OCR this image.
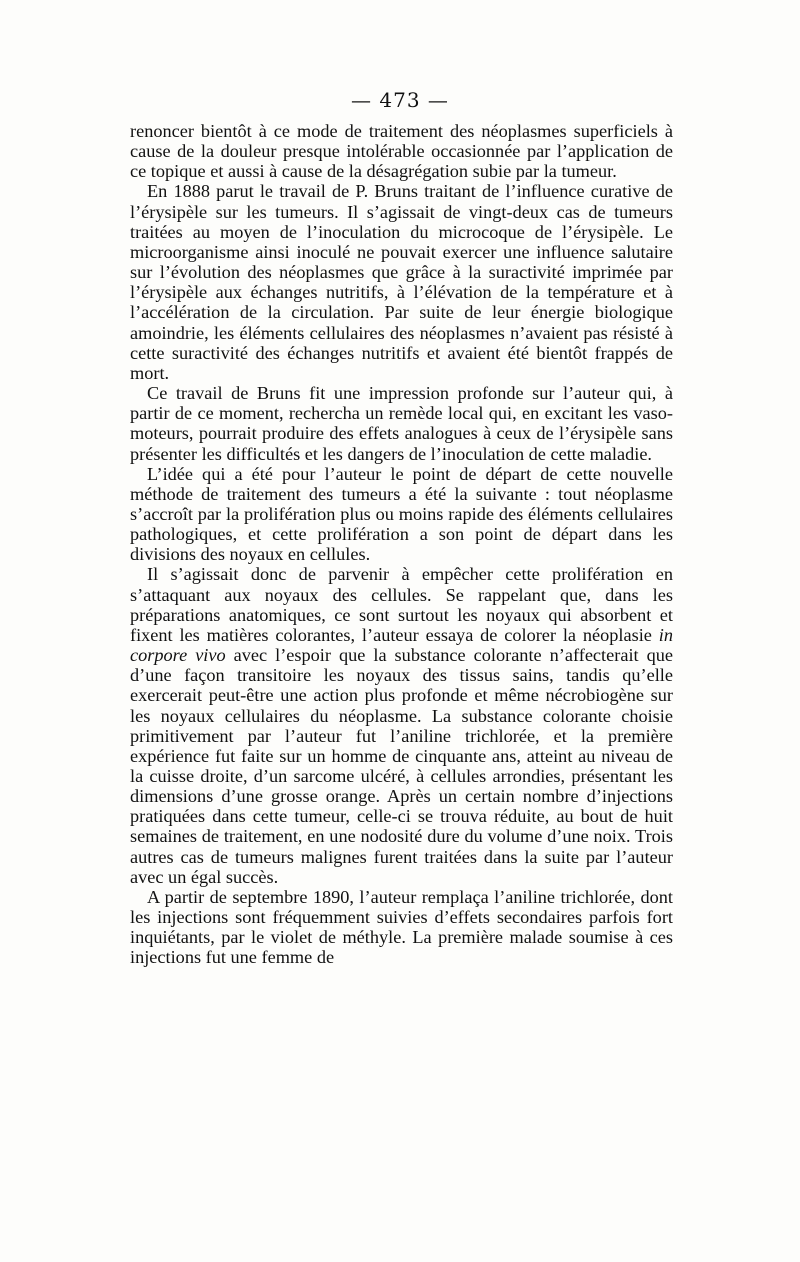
— 473 —

renoncer bientôt à ce mode de traitement des néoplasmes superficiels à cause de la douleur presque intolérable occasionnée par l’application de ce topique et aussi à cause de la désagrégation subie par la tumeur.

En 1888 parut le travail de P. Bruns traitant de l’influence curative de l’érysipèle sur les tumeurs. Il s’agissait de vingt-deux cas de tumeurs traitées au moyen de l’inoculation du microcoque de l’érysipèle. Le microorganisme ainsi inoculé ne pouvait exercer une influence salutaire sur l’évolution des néoplasmes que grâce à la suractivité imprimée par l’érysipèle aux échanges nutritifs, à l’élévation de la température et à l’accélération de la circulation. Par suite de leur énergie biologique amoindrie, les éléments cellulaires des néoplasmes n’avaient pas résisté à cette suractivité des échanges nutritifs et avaient été bientôt frappés de mort.

Ce travail de Bruns fit une impression profonde sur l’auteur qui, à partir de ce moment, rechercha un remède local qui, en excitant les vaso-moteurs, pourrait produire des effets analogues à ceux de l’érysipèle sans présenter les difficultés et les dangers de l’inoculation de cette maladie.

L’idée qui a été pour l’auteur le point de départ de cette nouvelle méthode de traitement des tumeurs a été la suivante : tout néoplasme s’accroît par la prolifération plus ou moins rapide des éléments cellulaires pathologiques, et cette prolifération a son point de départ dans les divisions des noyaux en cellules.

Il s’agissait donc de parvenir à empêcher cette prolifération en s’attaquant aux noyaux des cellules. Se rappelant que, dans les préparations anatomiques, ce sont surtout les noyaux qui absorbent et fixent les matières colorantes, l’auteur essaya de colorer la néoplasie in corpore vivo avec l’espoir que la substance colorante n’affecterait que d’une façon transitoire les noyaux des tissus sains, tandis qu’elle exercerait peut-être une action plus profonde et même nécrobiogène sur les noyaux cellulaires du néoplasme. La substance colorante choisie primitivement par l’auteur fut l’aniline trichlorée, et la première expérience fut faite sur un homme de cinquante ans, atteint au niveau de la cuisse droite, d’un sarcome ulcéré, à cellules arrondies, présentant les dimensions d’une grosse orange. Après un certain nombre d’injections pratiquées dans cette tumeur, celle-ci se trouva réduite, au bout de huit semaines de traitement, en une nodosité dure du volume d’une noix. Trois autres cas de tumeurs malignes furent traitées dans la suite par l’auteur avec un égal succès.

A partir de septembre 1890, l’auteur remplaça l’aniline trichlorée, dont les injections sont fréquemment suivies d’effets secondaires parfois fort inquiétants, par le violet de méthyle. La première malade soumise à ces injections fut une femme de
